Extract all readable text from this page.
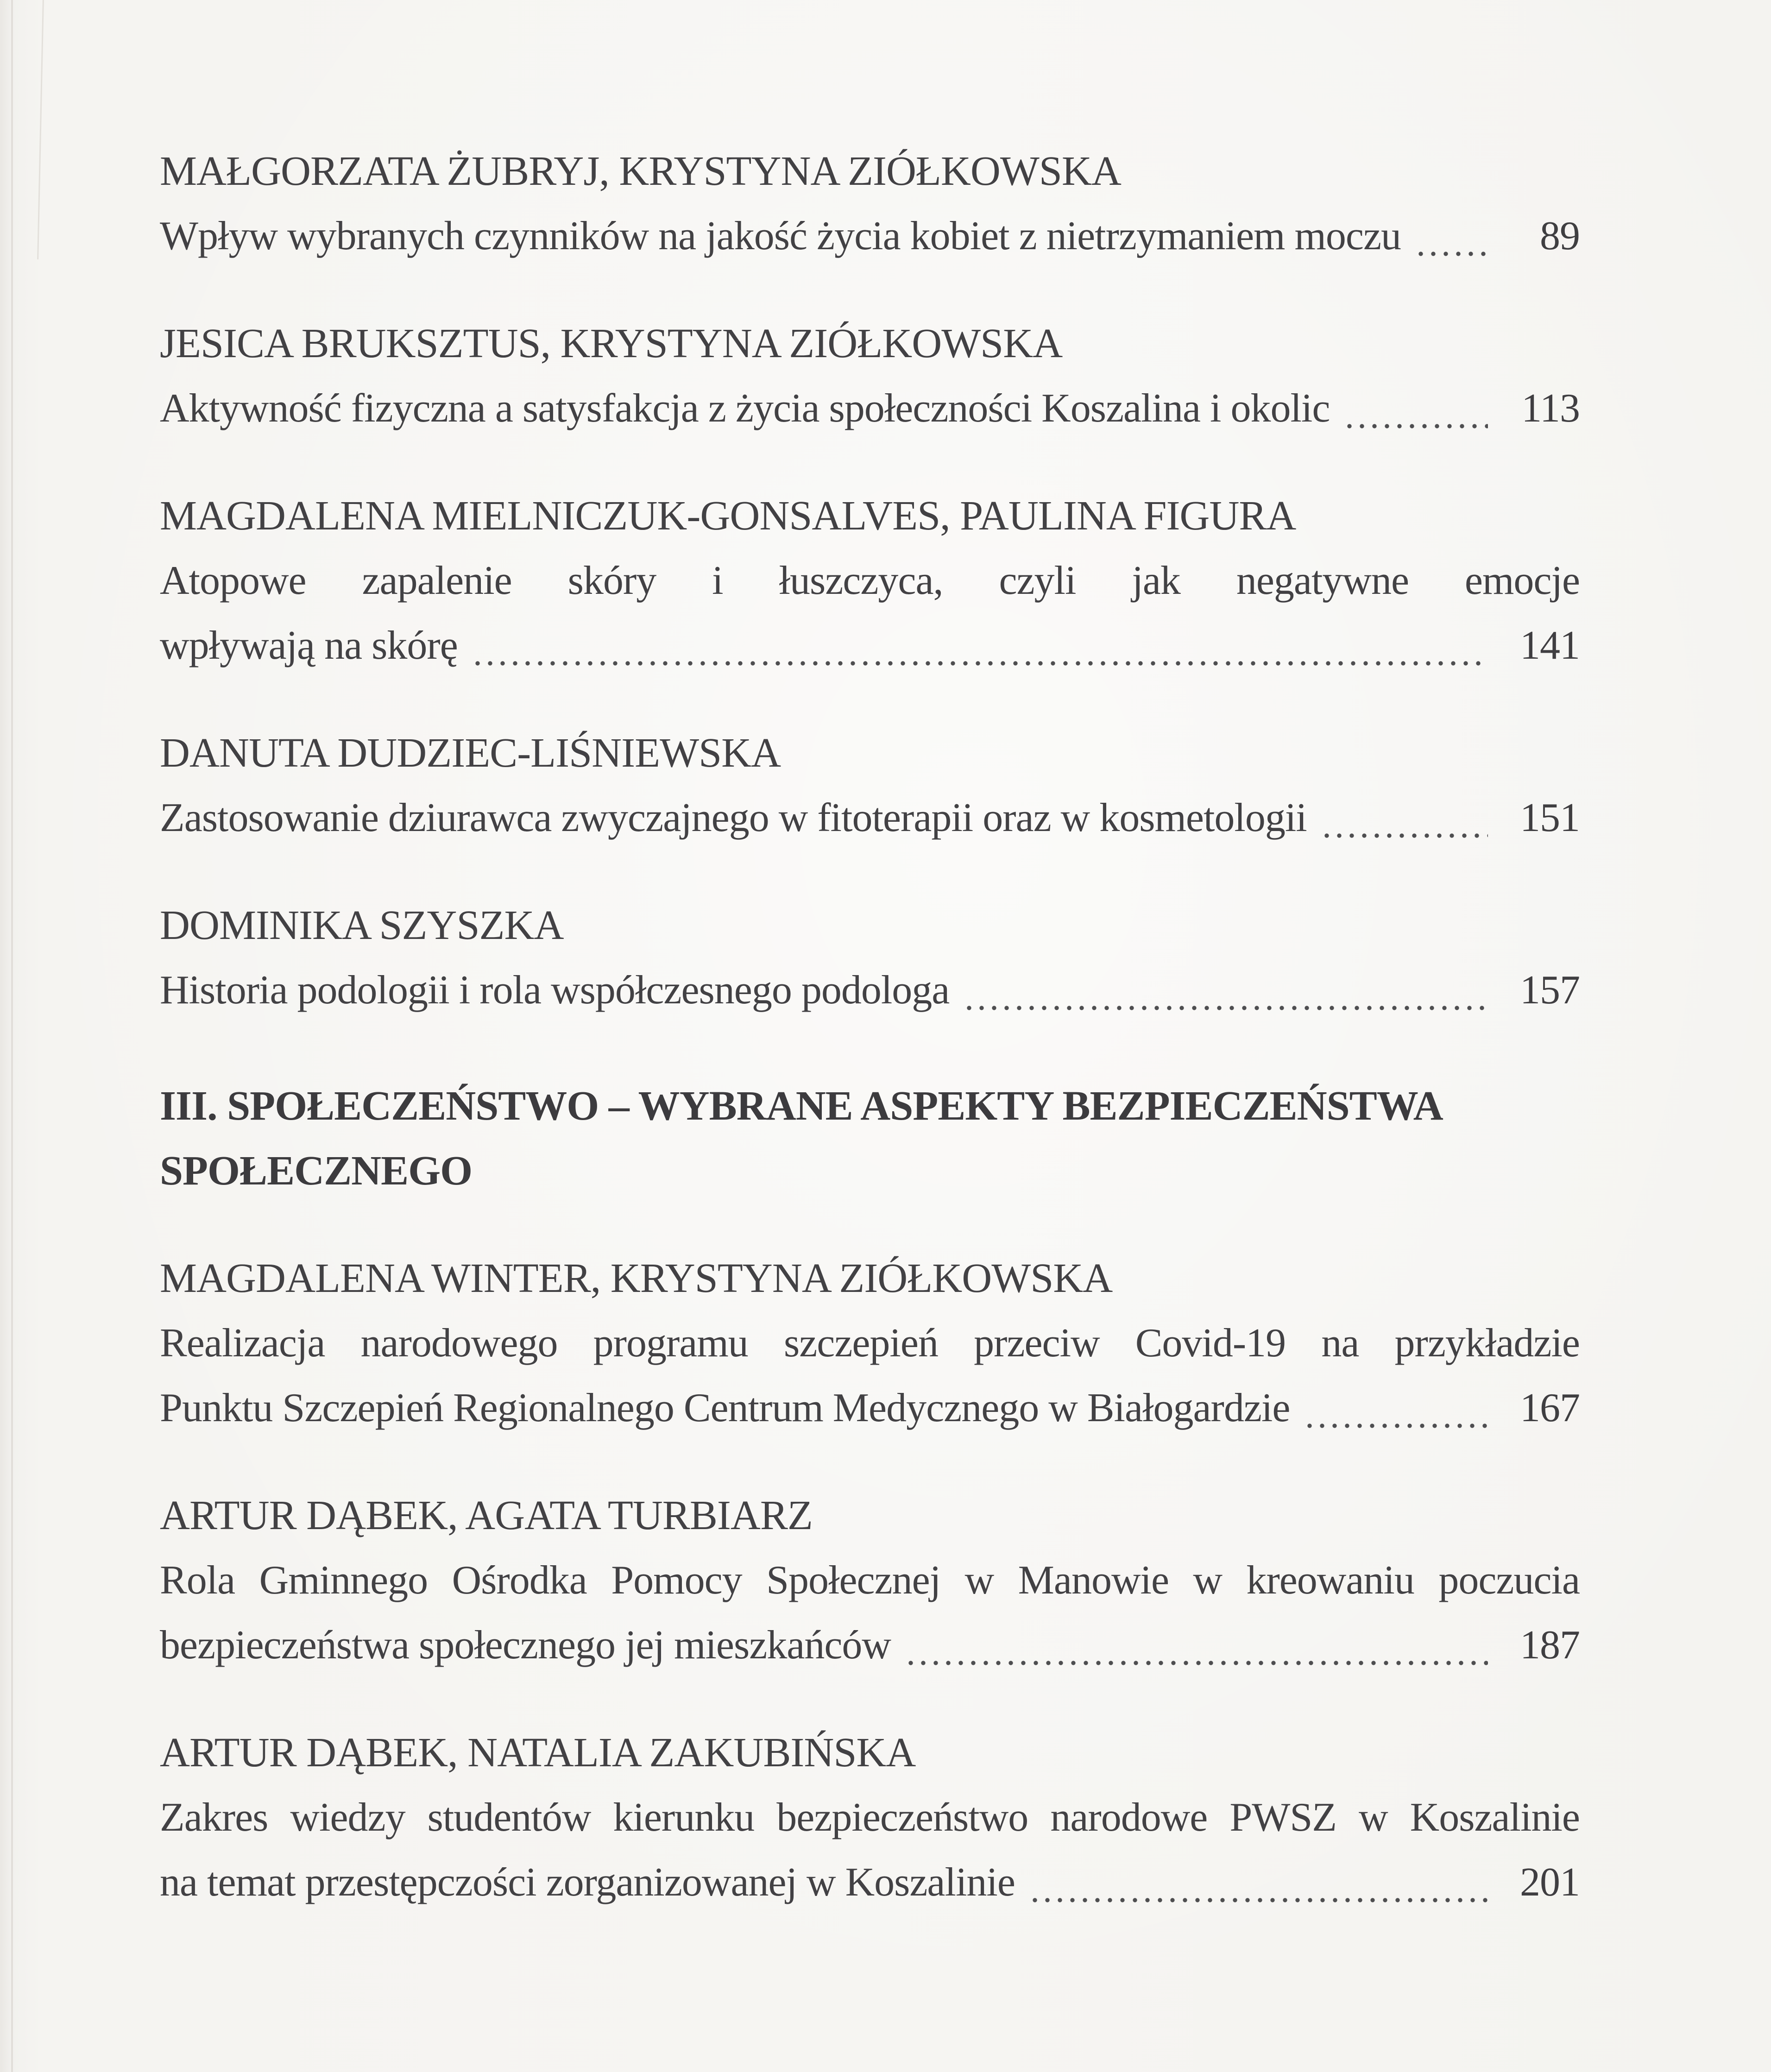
MAŁGORZATA ŻUBRYJ, KRYSTYNA ZIÓŁKOWSKA
Wpływ wybranych czynników na jakość życia kobiet z nietrzymaniem moczu	89
JESICA BRUKSZTUS, KRYSTYNA ZIÓŁKOWSKA
Aktywność fizyczna a satysfakcja z życia społeczności Koszalina i okolic	113
MAGDALENA MIELNICZUK-GONSALVES, PAULINA FIGURA
Atopowe zapalenie skóry i łuszczyca, czyli jak negatywne emocje
wpływają na skórę	141
DANUTA DUDZIEC-LIŚNIEWSKA
Zastosowanie dziurawca zwyczajnego w fitoterapii oraz w kosmetologii	151
DOMINIKA SZYSZKA
Historia podologii i rola współczesnego podologa	157
III. SPOŁECZEŃSTWO – WYBRANE ASPEKTY BEZPIECZEŃSTWA
SPOŁECZNEGO
MAGDALENA WINTER, KRYSTYNA ZIÓŁKOWSKA
Realizacja narodowego programu szczepień przeciw Covid-19 na przykładzie
Punktu Szczepień Regionalnego Centrum Medycznego w Białogardzie	167
ARTUR DĄBEK, AGATA TURBIARZ
Rola Gminnego Ośrodka Pomocy Społecznej w Manowie w kreowaniu poczucia
bezpieczeństwa społecznego jej mieszkańców	187
ARTUR DĄBEK, NATALIA ZAKUBIŃSKA
Zakres wiedzy studentów kierunku bezpieczeństwo narodowe PWSZ w Koszalinie
na temat przestępczości zorganizowanej w Koszalinie	201
